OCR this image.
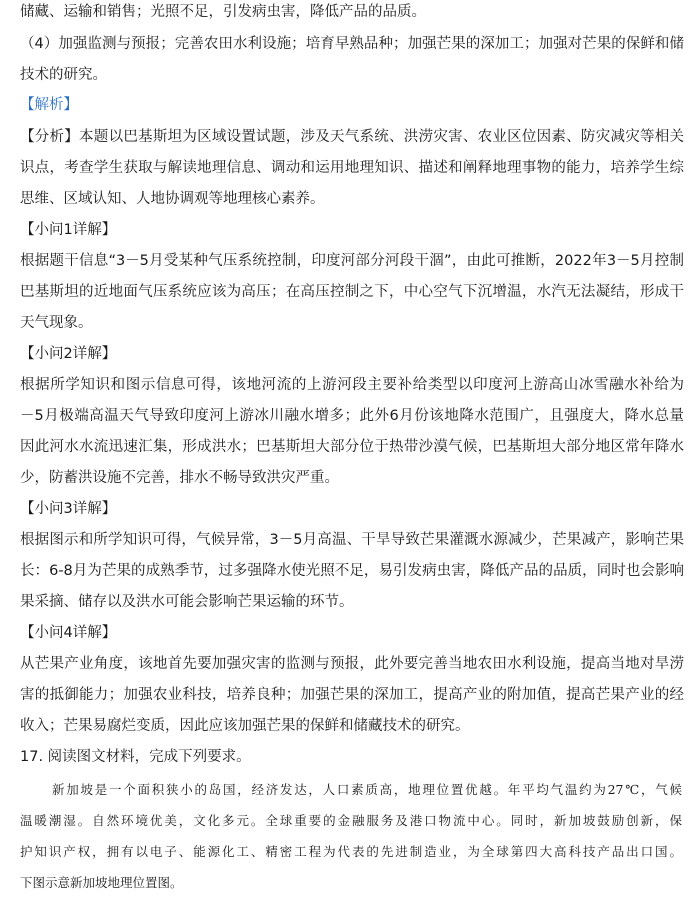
储藏、运输和销售；光照不足，引发病虫害，降低产品的品质。
（4）加强监测与预报；完善农田水利设施；培育早熟品种；加强芒果的深加工；加强对芒果的保鲜和储
技术的研究。
【解析】
【分析】本题以巴基斯坦为区域设置试题，涉及天气系统、洪涝灾害、农业区位因素、防灾减灾等相关
识点，考查学生获取与解读地理信息、调动和运用地理知识、描述和阐释地理事物的能力，培养学生综
思维、区域认知、人地协调观等地理核心素养。
【小问1详解】
根据题干信息“3－5月受某种气压系统控制，印度河部分河段干涸”，由此可推断，2022年3－5月控制
巴基斯坦的近地面气压系统应该为高压；在高压控制之下，中心空气下沉增温，水汽无法凝结，形成干
天气现象。
【小问2详解】
根据所学知识和图示信息可得，该地河流的上游河段主要补给类型以印度河上游高山冰雪融水补给为
－5月极端高温天气导致印度河上游冰川融水增多；此外6月份该地降水范围广，且强度大，降水总量
因此河水水流迅速汇集，形成洪水；巴基斯坦大部分位于热带沙漠气候，巴基斯坦大部分地区常年降水
少，防蓄洪设施不完善，排水不畅导致洪灾严重。
【小问3详解】
根据图示和所学知识可得，气候异常，3－5月高温、干旱导致芒果灌溉水源减少，芒果减产，影响芒果
长：6-8月为芒果的成熟季节，过多强降水使光照不足，易引发病虫害，降低产品的品质，同时也会影响
果采摘、储存以及洪水可能会影响芒果运输的环节。
【小问4详解】
从芒果产业角度，该地首先要加强灾害的监测与预报，此外要完善当地农田水利设施，提高当地对旱涝
害的抵御能力；加强农业科技，培养良种；加强芒果的深加工，提高产业的附加值，提高芒果产业的经
收入；芒果易腐烂变质，因此应该加强芒果的保鲜和储藏技术的研究。
17. 阅读图文材料，完成下列要求。
新加坡是一个面积狭小的岛国，经济发达，人口素质高，地理位置优越。年平均气温约为27℃，气候
温暖潮湿。自然环境优美，文化多元。全球重要的金融服务及港口物流中心。同时，新加坡鼓励创新，保
护知识产权，拥有以电子、能源化工、精密工程为代表的先进制造业，为全球第四大高科技产品出口国。
下图示意新加坡地理位置图。
